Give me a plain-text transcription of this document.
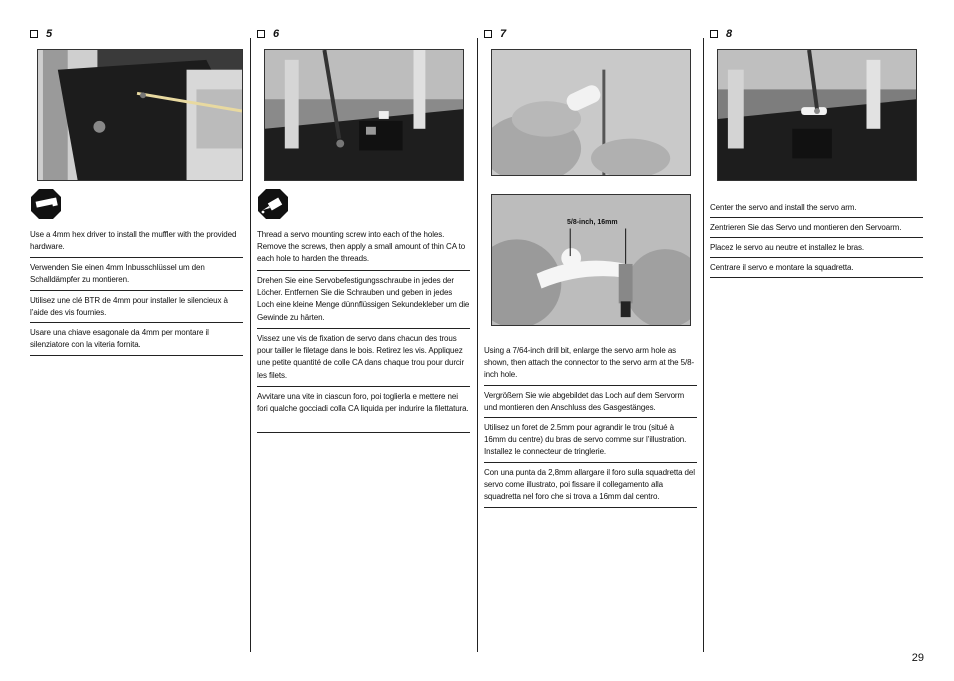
5
Use a 4mm hex driver to install the muffler with the provided hardware.
Verwenden Sie einen 4mm Inbusschlüssel um den Schalldämpfer zu montieren.
Utilisez une clé BTR de 4mm pour installer le silencieux à l’aide des vis fournies.
Usare una chiave esagonale da 4mm per montare il silenziatore con la viteria fornita.
6
Thread a servo mounting screw into each of the holes. Remove the screws, then apply a small amount of thin CA to each hole to harden the threads.
Drehen Sie eine Servobefestigungsschraube in jedes der Löcher. Entfernen Sie die Schrauben und geben in jedes Loch eine kleine Menge dünnflüssigen Sekundekleber um die Gewinde zu härten.
Vissez une vis de fixation de servo dans chacun des trous pour tailler le filetage dans le bois. Retirez les vis. Appliquez une petite quantité de colle CA dans chaque trou pour durcir les filets.
Avvitare una vite in ciascun foro, poi toglierla e mettere nei fori qualche gocciadi colla CA liquida per indurire la filettatura.
7
5/8-inch, 16mm
Using a 7/64-inch drill bit, enlarge the servo arm hole as shown, then attach the connector to the servo arm at the 5/8-inch hole.
Vergrößern Sie wie abgebildet das Loch auf dem Servorm und montieren den Anschluss des Gasgestänges.
Utilisez un foret de 2.5mm pour agrandir le trou (situé à 16mm du centre) du bras de servo comme sur l’illustration. Installez le connecteur de tringlerie.
Con una punta da 2,8mm allargare il foro sulla squadretta del servo come illustrato, poi fissare il collegamento alla squadretta nel foro che si trova a 16mm dal centro.
8
Center the servo and install the servo arm.
Zentrieren Sie das Servo und montieren den Servoarm.
Placez le servo au neutre et installez le bras.
Centrare il servo e montare la squadretta.
29
